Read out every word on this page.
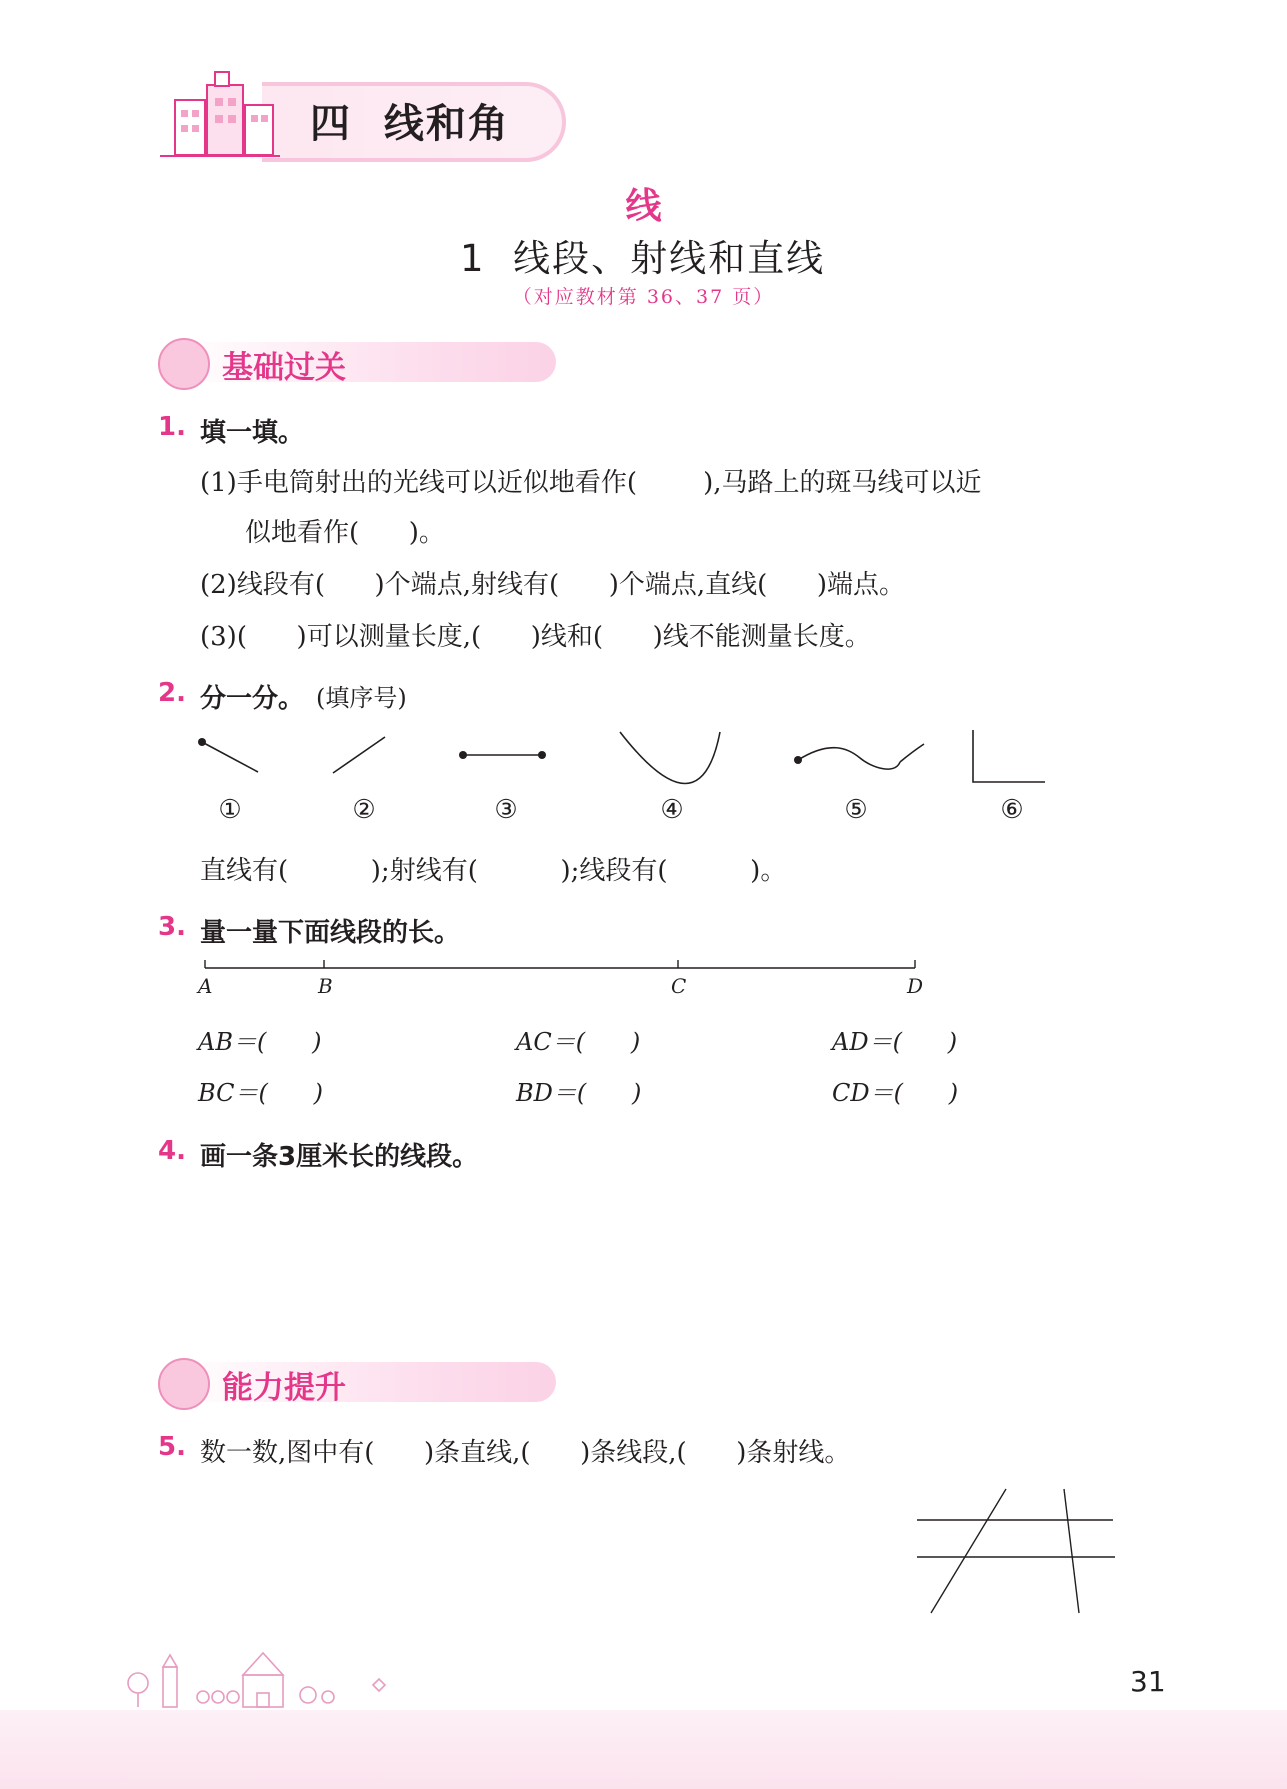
四  线和角
线
1  线段、射线和直线
（对应教材第 36、37 页）
基础过关
1. 填一填。
(1)手电筒射出的光线可以近似地看作(        ),马路上的斑马线可以近
似地看作(      )。
(2)线段有(      )个端点,射线有(      )个端点,直线(      )端点。
(3)(      )可以测量长度,(      )线和(      )线不能测量长度。
2. 分一分。 (填序号)
①	②	③	④	⑤	⑥
直线有(          );射线有(          );线段有(          )。
3. 量一量下面线段的长。
A	B	C	D
AB＝(      )	AC＝(      )	AD＝(      )
BC＝(      )	BD＝(      )	CD＝(      )
4. 画一条3厘米长的线段。
能力提升
5. 数一数,图中有(      )条直线,(      )条线段,(      )条射线。
31
